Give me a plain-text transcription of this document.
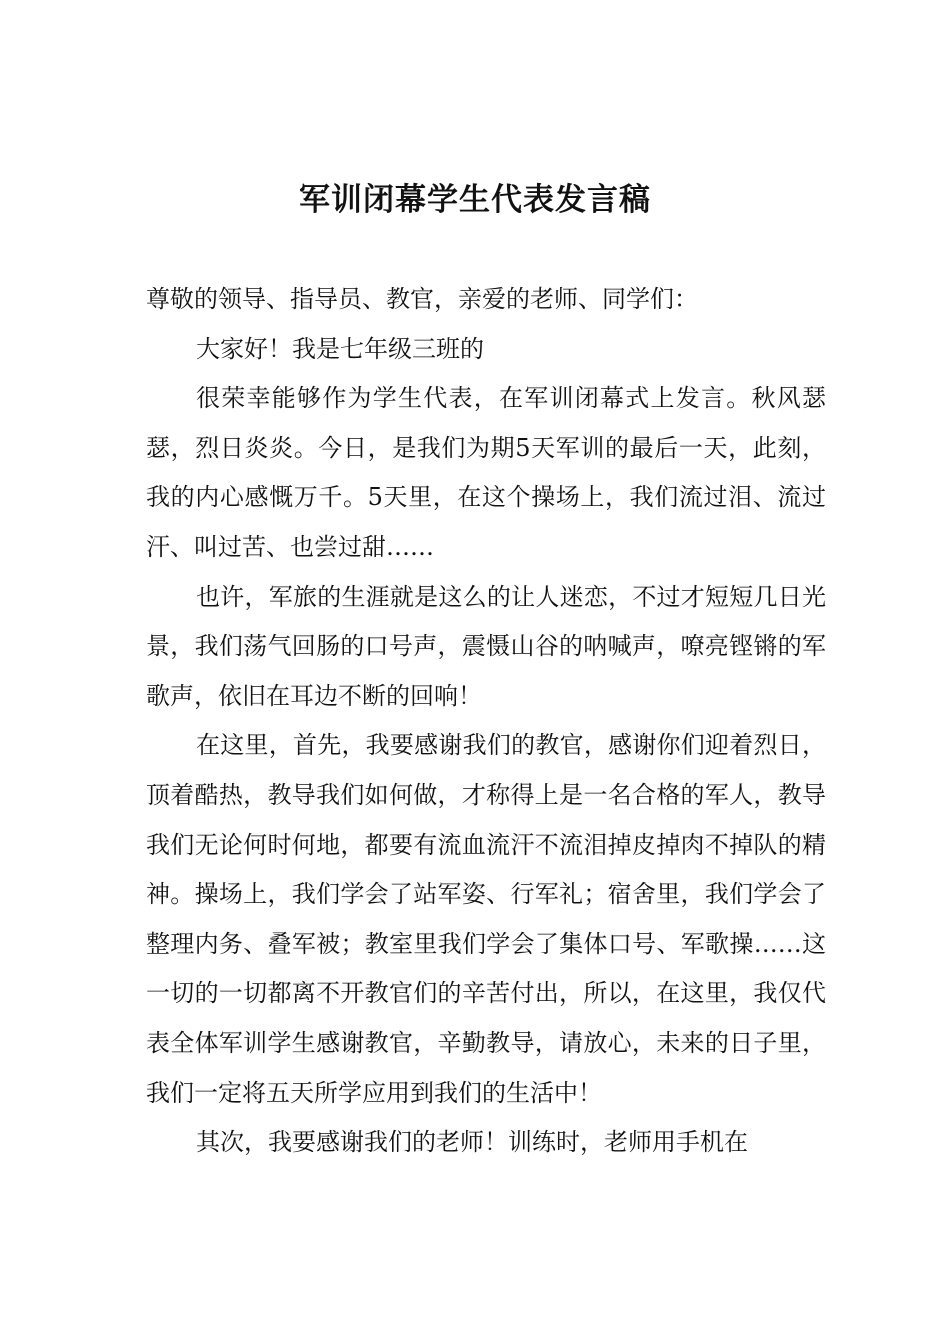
军训闭幕学生代表发言稿

尊敬的领导、指导员、教官，亲爱的老师、同学们：

大家好！我是七年级三班的

很荣幸能够作为学生代表，在军训闭幕式上发言。秋风瑟瑟，烈日炎炎。今日，是我们为期5天军训的最后一天，此刻，我的内心感慨万千。5天里，在这个操场上，我们流过泪、流过汗、叫过苦、也尝过甜……

也许，军旅的生涯就是这么的让人迷恋，不过才短短几日光景，我们荡气回肠的口号声，震慑山谷的呐喊声，嘹亮铿锵的军歌声，依旧在耳边不断的回响！

在这里，首先，我要感谢我们的教官，感谢你们迎着烈日，顶着酷热，教导我们如何做，才称得上是一名合格的军人，教导我们无论何时何地，都要有流血流汗不流泪掉皮掉肉不掉队的精神。操场上，我们学会了站军姿、行军礼；宿舍里，我们学会了整理内务、叠军被；教室里我们学会了集体口号、军歌操……这一切的一切都离不开教官们的辛苦付出，所以，在这里，我仅代表全体军训学生感谢教官，辛勤教导，请放心，未来的日子里，我们一定将五天所学应用到我们的生活中！

其次，我要感谢我们的老师！训练时，老师用手机在
